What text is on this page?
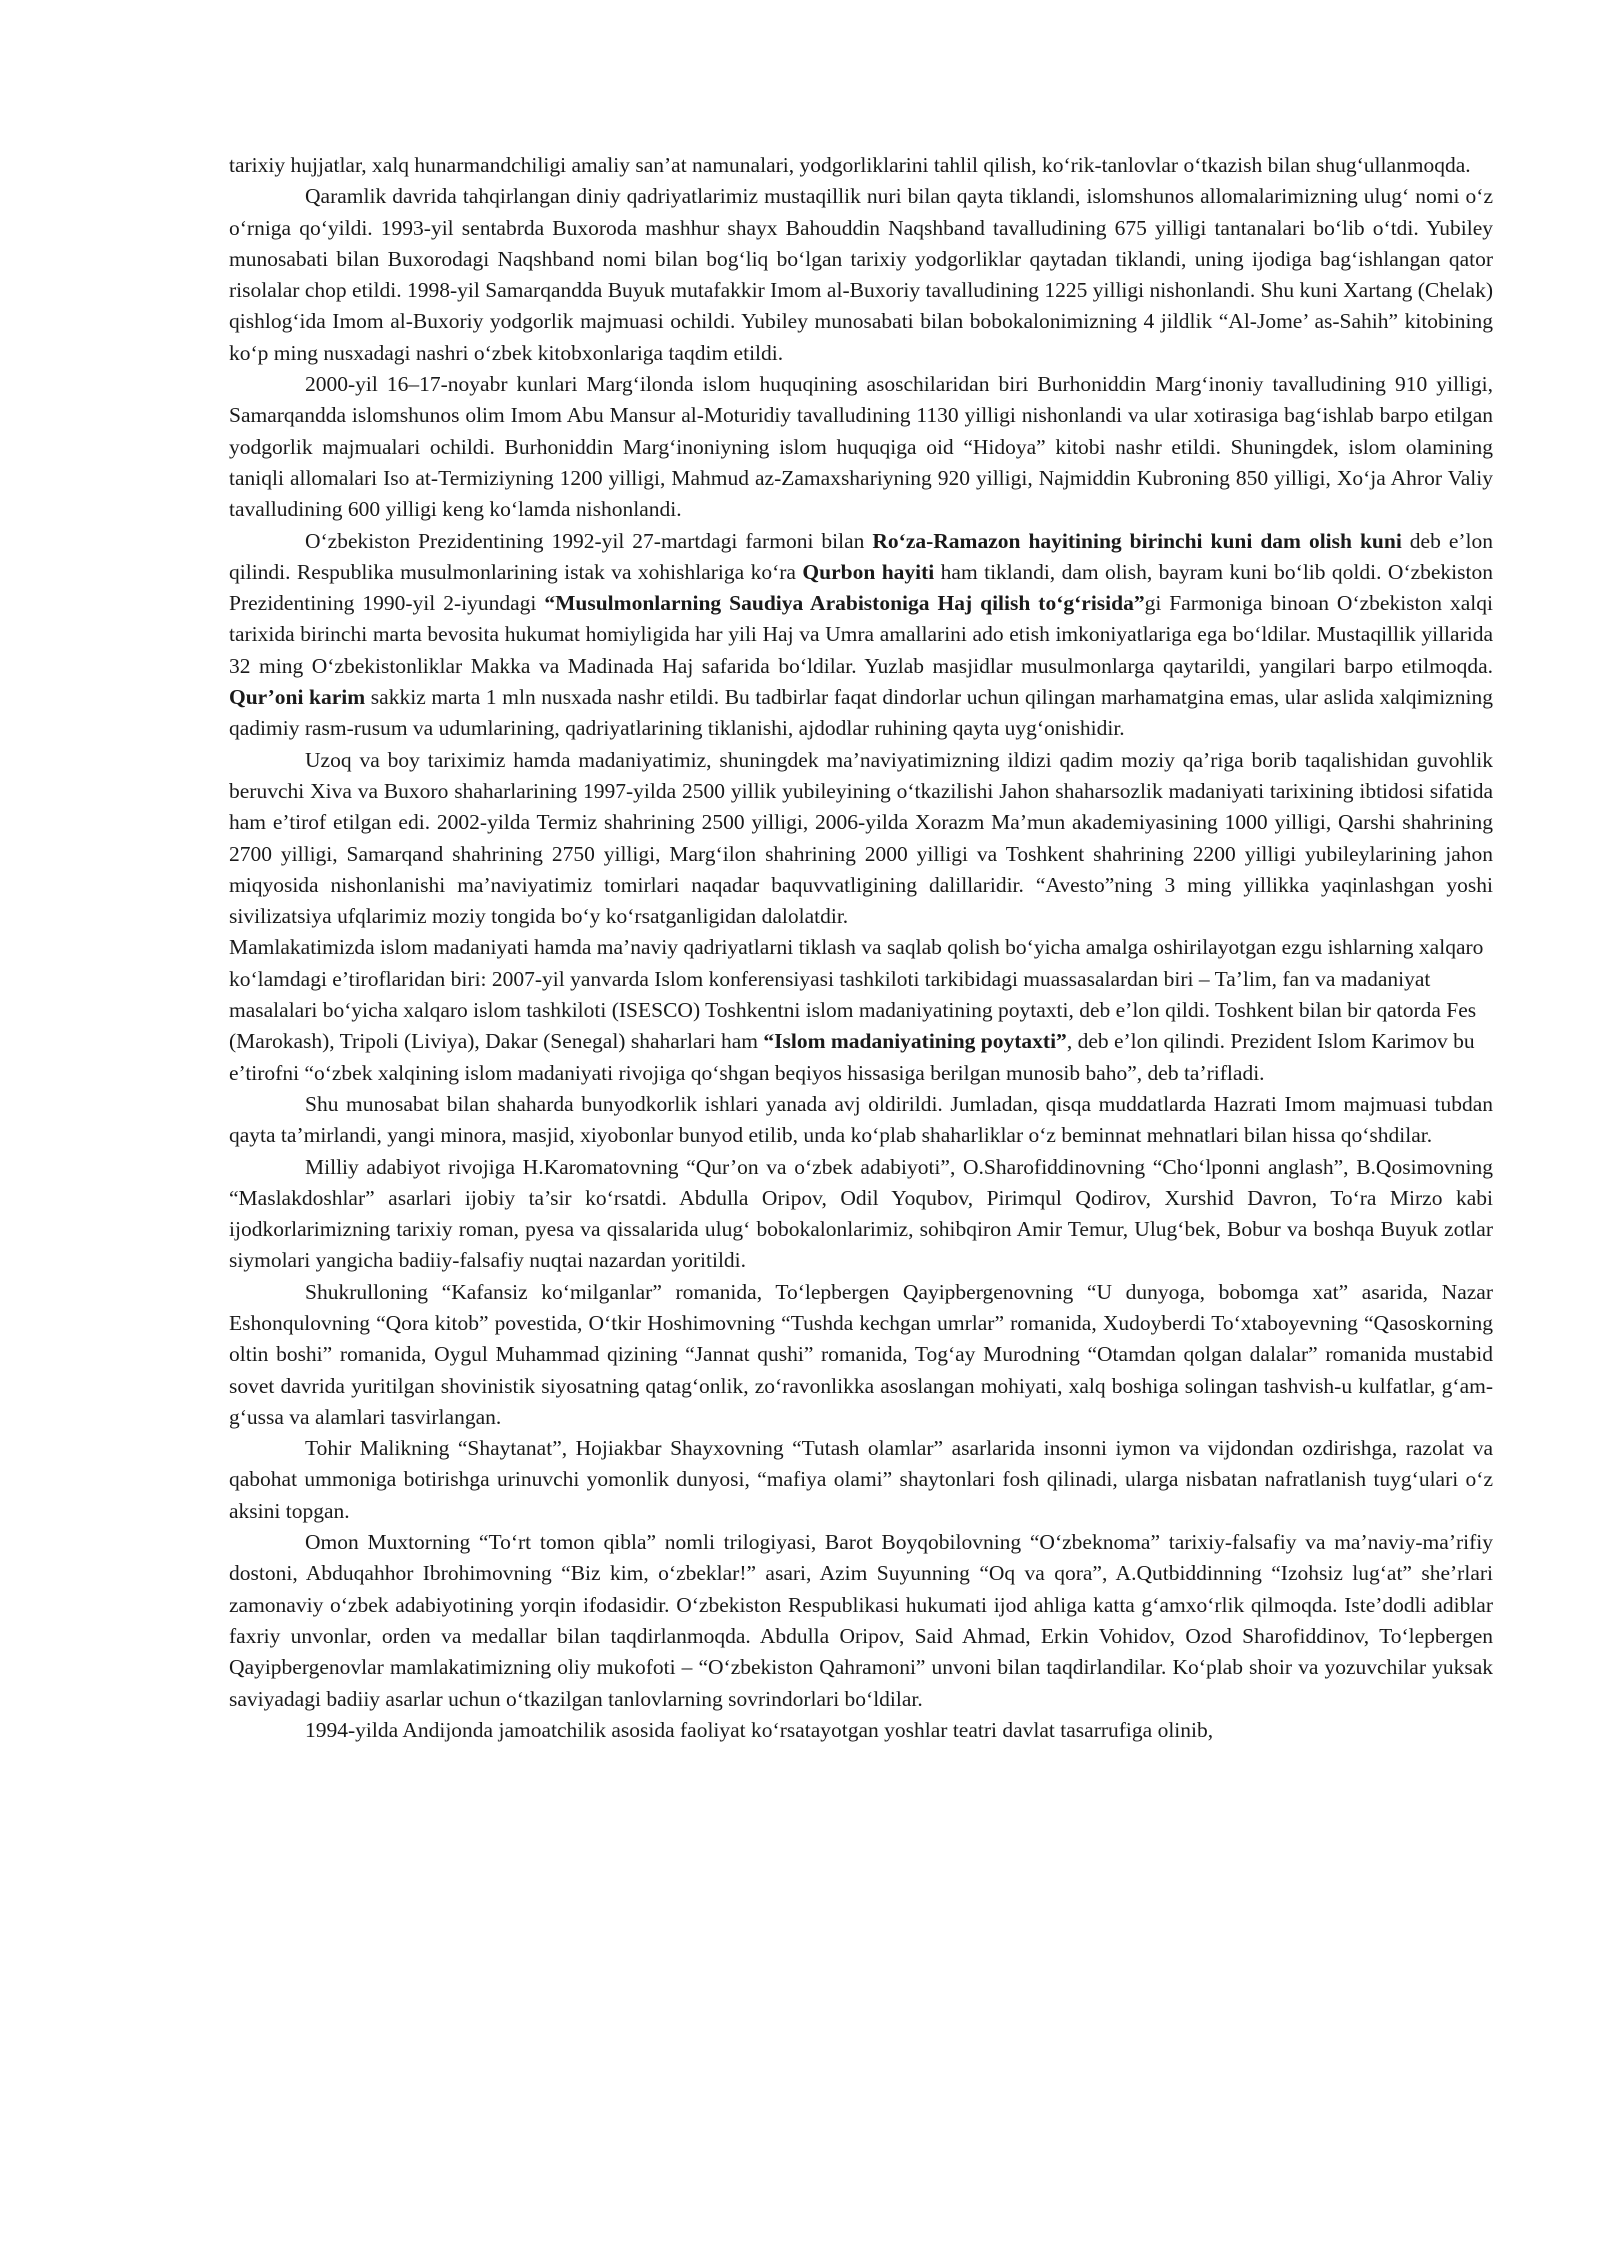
tarixiy hujjatlar, xalq hunarmandchiligi amaliy san’at namunalari, yodgorliklarini tahlil qilish, ko‘rik-tanlovlar o‘tkazish bilan shug‘ullanmoqda.

Qaramlik davrida tahqirlangan diniy qadriyatlarimiz mustaqillik nuri bilan qayta tiklandi, islomshunos allomalarimizning ulug‘ nomi o‘z o‘rniga qo‘yildi. 1993-yil sentabrda Buxoroda mashhur shayx Bahouddin Naqshband tavalludining 675 yilligi tantanalari bo‘lib o‘tdi. Yubiley munosabati bilan Buxorodagi Naqshband nomi bilan bog‘liq bo‘lgan tarixiy yodgorliklar qaytadan tiklandi, uning ijodiga bag‘ishlangan qator risolalar chop etildi. 1998-yil Samarqandda Buyuk mutafakkir Imom al-Buxoriy tavalludining 1225 yilligi nishonlandi. Shu kuni Xartang (Chelak) qishlog‘ida Imom al-Buxoriy yodgorlik majmuasi ochildi. Yubiley munosabati bilan bobokalonimizning 4 jildlik “Al-Jome’ as-Sahih” kitobining ko‘p ming nusxadagi nashri o‘zbek kitobxonlariga taqdim etildi.

2000-yil 16–17-noyabr kunlari Marg‘ilonda islom huquqining asoschilaridan biri Burhoniddin Marg‘inoniy tavalludining 910 yilligi, Samarqandda islomshunos olim Imom Abu Mansur al-Moturidiy tavalludining 1130 yilligi nishonlandi va ular xotirasiga bag‘ishlab barpo etilgan yodgorlik majmualari ochildi. Burhoniddin Marg‘inoniyning islom huquqiga oid “Hidoya” kitobi nashr etildi. Shuningdek, islom olamining taniqli allomalari Iso at-Termiziyning 1200 yilligi, Mahmud az-Zamaxshariyning 920 yilligi, Najmiddin Kubroning 850 yilligi, Xo‘ja Ahror Valiy tavalludining 600 yilligi keng ko‘lamda nishonlandi.

O‘zbekiston Prezidentining 1992-yil 27-martdagi farmoni bilan Ro‘za-Ramazon hayitining birinchi kuni dam olish kuni deb e’lon qilindi. Respublika musulmonlarining istak va xohishlariga ko‘ra Qurbon hayiti ham tiklandi, dam olish, bayram kuni bo‘lib qoldi. O‘zbekiston Prezidentining 1990-yil 2-iyundagi “Musulmonlarning Saudiya Arabistoniga Haj qilish to‘g‘risida”gi Farmoniga binoan O‘zbekiston xalqi tarixida birinchi marta bevosita hukumat homiyligida har yili Haj va Umra amallarini ado etish imkoniyatlariga ega bo‘ldilar. Mustaqillik yillarida 32 ming O‘zbekistonliklar Makka va Madinada Haj safarida bo‘ldilar. Yuzlab masjidlar musulmonlarga qaytarildi, yangilari barpo etilmoqda. Qur’oni karim sakkiz marta 1 mln nusxada nashr etildi. Bu tadbirlar faqat dindorlar uchun qilingan marhamatgina emas, ular aslida xalqimizning qadimiy rasm-rusum va udumlarining, qadriyatlarining tiklanishi, ajdodlar ruhining qayta uyg‘onishidir.

Uzoq va boy tariximiz hamda madaniyatimiz, shuningdek ma’naviyatimizning ildizi qadim moziy qa’riga borib taqalishidan guvohlik beruvchi Xiva va Buxoro shaharlarining 1997-yilda 2500 yillik yubileyining o‘tkazilishi Jahon shaharsozlik madaniyati tarixining ibtidosi sifatida ham e’tirof etilgan edi. 2002-yilda Termiz shahrining 2500 yilligi, 2006-yilda Xorazm Ma’mun akademiyasining 1000 yilligi, Qarshi shahrining 2700 yilligi, Samarqand shahrining 2750 yilligi, Marg‘ilon shahrining 2000 yilligi va Toshkent shahrining 2200 yilligi yubileylarining jahon miqyosida nishonlanishi ma’naviyatimiz tomirlari naqadar baquvvatligining dalillaridir. “Avesto”ning 3 ming yillikka yaqinlashgan yoshi sivilizatsiya ufqlarimiz moziy tongida bo‘y ko‘rsatganligidan dalolatdir.

Mamlakatimizda islom madaniyati hamda ma’naviy qadriyatlarni tiklash va saqlab qolish bo‘yicha amalga oshirilayotgan ezgu ishlarning xalqaro ko‘lamdagi e’tiroflaridan biri: 2007-yil yanvarda Islom konferensiyasi tashkiloti tarkibidagi muassasalardan biri – Ta’lim, fan va madaniyat masalalari bo‘yicha xalqaro islom tashkiloti (ISESCO) Toshkentni islom madaniyatining poytaxti, deb e’lon qildi. Toshkent bilan bir qatorda Fes (Marokash), Tripoli (Liviya), Dakar (Senegal) shaharlari ham “Islom madaniyatining poytaxti”, deb e’lon qilindi. Prezident Islom Karimov bu e’tirofni “o‘zbek xalqining islom madaniyati rivojiga qo‘shgan beqiyos hissasiga berilgan munosib baho”, deb ta’rifladi.

Shu munosabat bilan shaharda bunyodkorlik ishlari yanada avj oldirildi. Jumladan, qisqa muddatlarda Hazrati Imom majmuasi tubdan qayta ta’mirlandi, yangi minora, masjid, xiyobonlar bunyod etilib, unda ko‘plab shaharliklar o‘z beminnat mehnatlari bilan hissa qo‘shdilar.

Milliy adabiyot rivojiga H.Karomatovning “Qur’on va o‘zbek adabiyoti”, O.Sharofiddinovning “Cho‘lponni anglash”, B.Qosimovning “Maslakdoshlar” asarlari ijobiy ta’sir ko‘rsatdi. Abdulla Oripov, Odil Yoqubov, Pirimqul Qodirov, Xurshid Davron, To‘ra Mirzo kabi ijodkorlarimizning tarixiy roman, pyesa va qissalarida ulug‘ bobokalonlarimiz, sohibqiron Amir Temur, Ulug‘bek, Bobur va boshqa Buyuk zotlar siymolari yangicha badiiy-falsafiy nuqtai nazardan yoritildi.

Shukrulloning “Kafansiz ko‘milganlar” romanida, To‘lepbergen Qayipbergenovning “U dunyoga, bobomga xat” asarida, Nazar Eshonqulovning “Qora kitob” povestida, O‘tkir Hoshimovning “Tushda kechgan umrlar” romanida, Xudoyberdi To‘xtaboyevning “Qasoskorning oltin boshi” romanida, Oygul Muhammad qizining “Jannat qushi” romanida, Tog‘ay Murodning “Otamdan qolgan dalalar” romanida mustabid sovet davrida yuritilgan shovinistik siyosatning qatag‘onlik, zo‘ravonlikka asoslangan mohiyati, xalq boshiga solingan tashvish-u kulfatlar, g‘am-g‘ussa va alamlari tasvirlangan.

Tohir Malikning “Shaytanat”, Hojiakbar Shayxovning “Tutash olamlar” asarlarida insonni iymon va vijdondan ozdirishga, razolat va qabohat ummoniga botirishga urinuvchi yomonlik dunyosi, “mafiya olami” shaytonlari fosh qilinadi, ularga nisbatan nafratlanish tuyg‘ulari o‘z aksini topgan.

Omon Muxtorning “To‘rt tomon qibla” nomli trilogiyasi, Barot Boyqobilovning “O‘zbeknoma” tarixiy-falsafiy va ma’naviy-ma’rifiy dostoni, Abduqahhor Ibrohimovning “Biz kim, o‘zbeklar!” asari, Azim Suyunning “Oq va qora”, A.Qutbiddinning “Izohsiz lug‘at” she’rlari zamonaviy o‘zbek adabiyotining yorqin ifodasidir. O‘zbekiston Respublikasi hukumati ijod ahliga katta g‘amxo‘rlik qilmoqda. Iste’dodli adiblar faxriy unvonlar, orden va medallar bilan taqdirlanmoqda. Abdulla Oripov, Said Ahmad, Erkin Vohidov, Ozod Sharofiddinov, To‘lepbergen Qayipbergenovlar mamlakatimizning oliy mukofoti – “O‘zbekiston Qahramoni” unvoni bilan taqdirlandilar. Ko‘plab shoir va yozuvchilar yuksak saviyadagi badiiy asarlar uchun o‘tkazilgan tanlovlarning sovrindorlari bo‘ldilar.

1994-yilda Andijonda jamoatchilik asosida faoliyat ko‘rsatayotgan yoshlar teatri davlat tasarrufiga olinib,
